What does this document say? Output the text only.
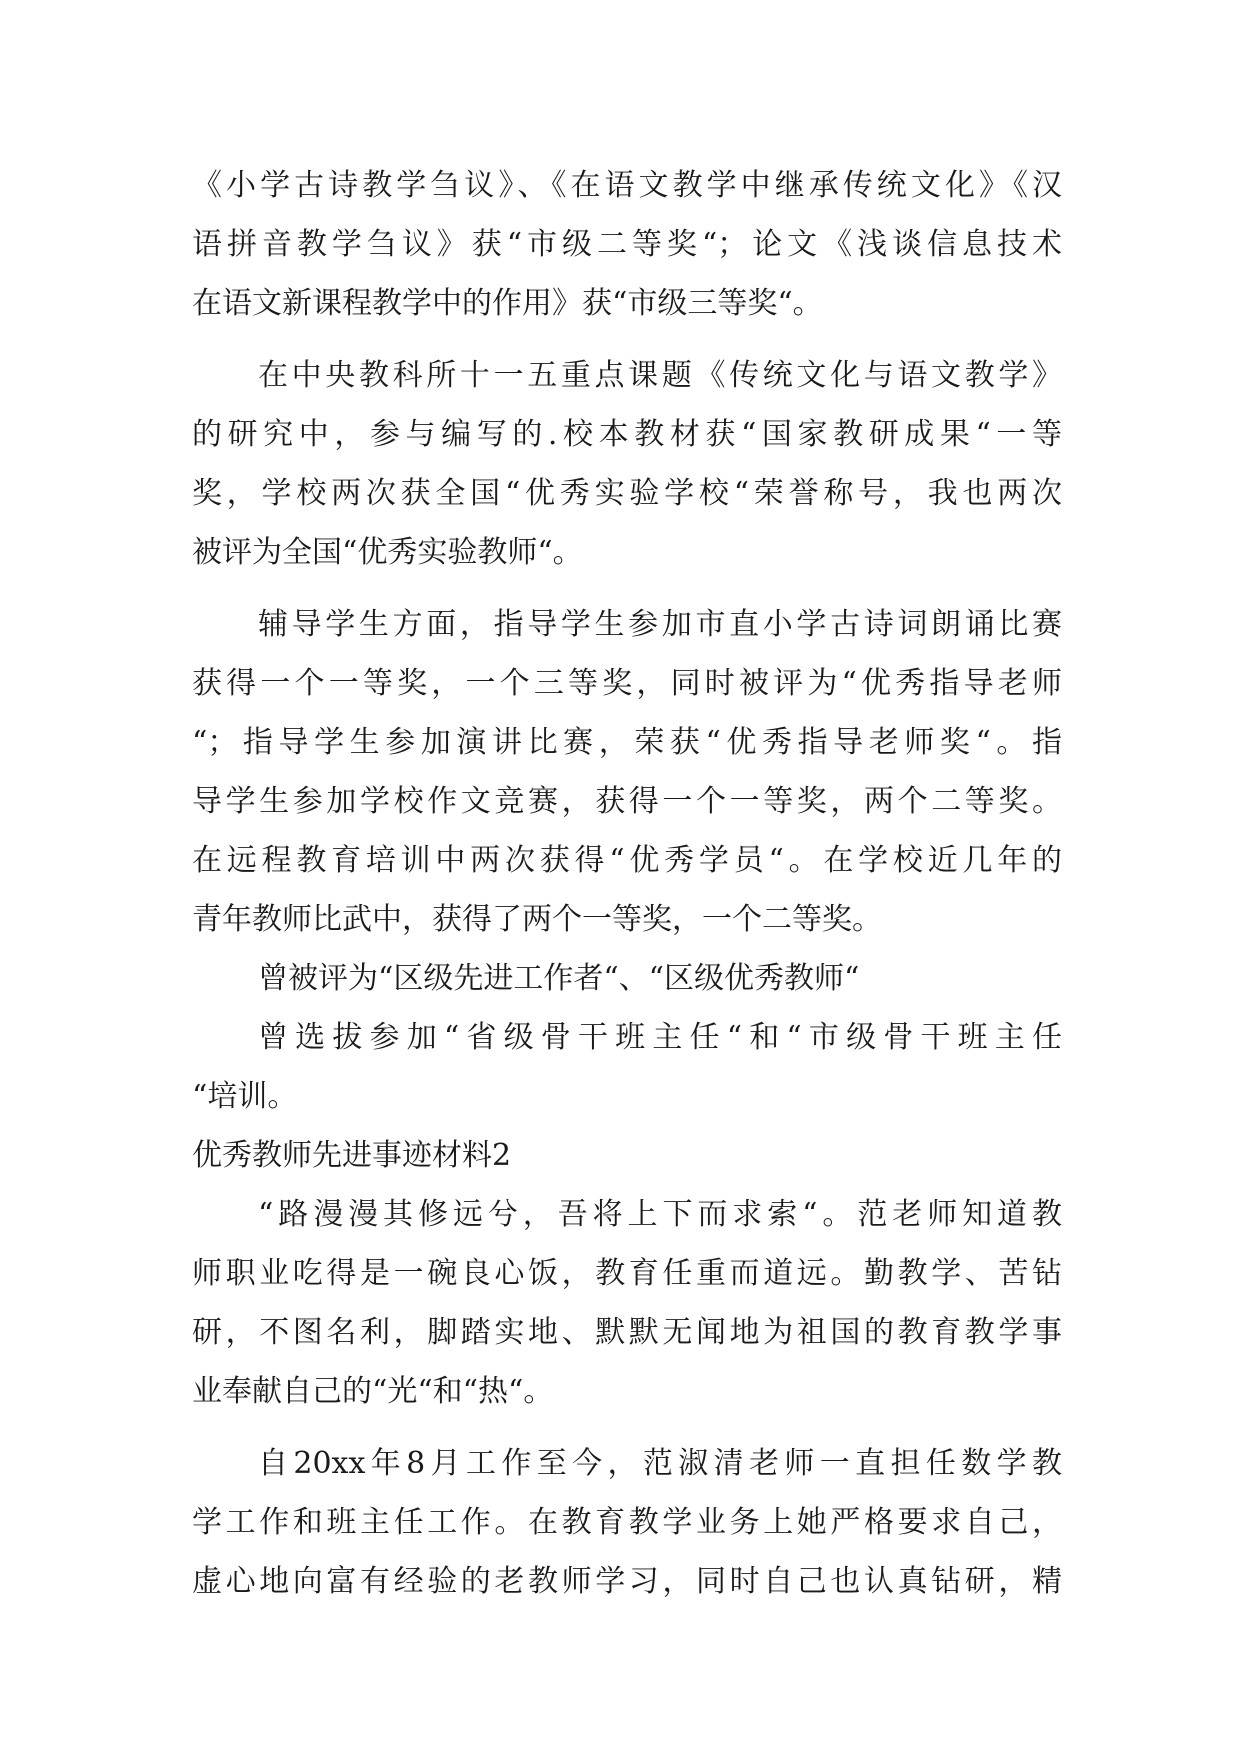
《小学古诗教学刍议》、《在语文教学中继承传统文化》《汉
语拼音教学刍议》获“市级二等奖“；论文《浅谈信息技术
在语文新课程教学中的作用》获“市级三等奖“。
在中央教科所十一五重点课题《传统文化与语文教学》
的研究中，参与编写的.校本教材获“国家教研成果“一等
奖，学校两次获全国“优秀实验学校“荣誉称号，我也两次
被评为全国“优秀实验教师“。
辅导学生方面，指导学生参加市直小学古诗词朗诵比赛
获得一个一等奖，一个三等奖，同时被评为“优秀指导老师
“；指导学生参加演讲比赛，荣获“优秀指导老师奖“。指
导学生参加学校作文竞赛，获得一个一等奖，两个二等奖。
在远程教育培训中两次获得“优秀学员“。在学校近几年的
青年教师比武中，获得了两个一等奖，一个二等奖。
曾被评为“区级先进工作者“、“区级优秀教师“
曾选拔参加“省级骨干班主任“和“市级骨干班主任
“培训。
优秀教师先进事迹材料2
“路漫漫其修远兮，吾将上下而求索“。范老师知道教
师职业吃得是一碗良心饭，教育任重而道远。勤教学、苦钻
研，不图名利，脚踏实地、默默无闻地为祖国的教育教学事
业奉献自己的“光“和“热“。
自20xx年8月工作至今，范淑清老师一直担任数学教
学工作和班主任工作。在教育教学业务上她严格要求自己，
虚心地向富有经验的老教师学习，同时自己也认真钻研，精
